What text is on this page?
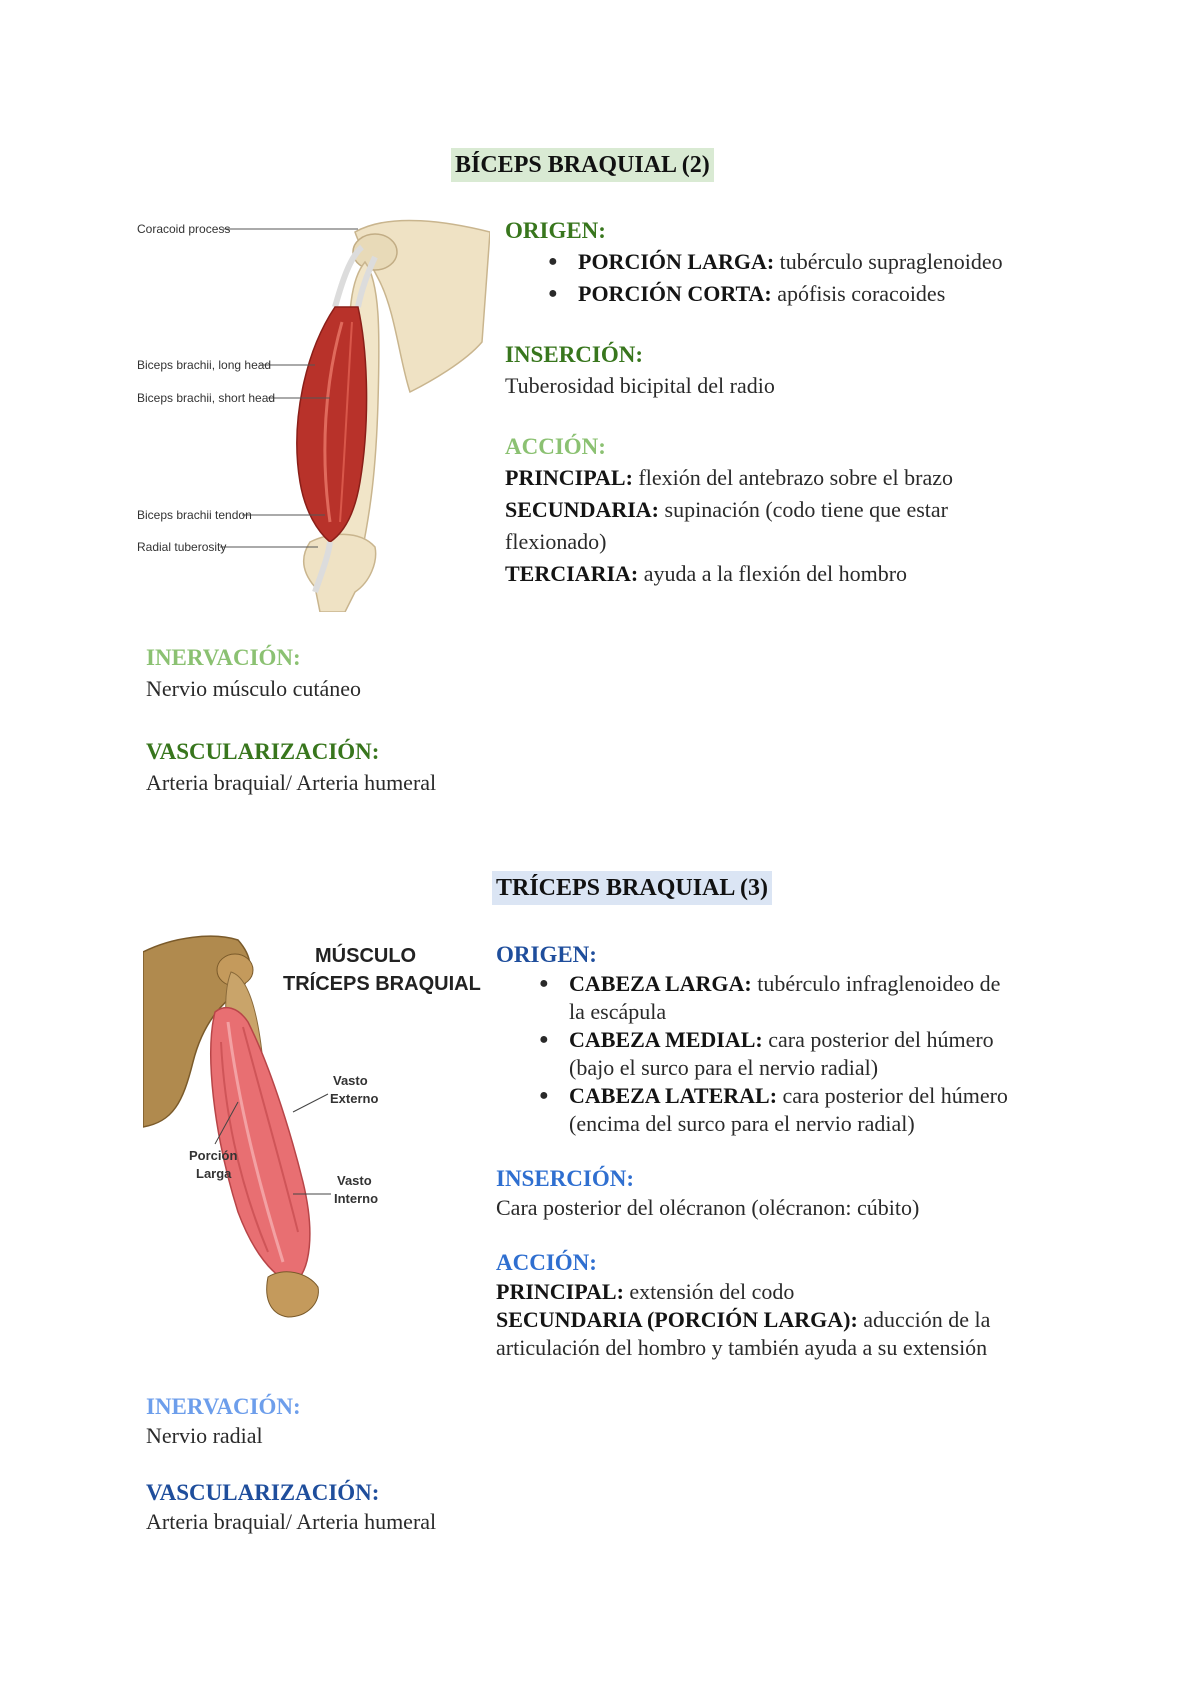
BÍCEPS BRAQUIAL (2)
Coracoid process
Biceps brachii, long head
Biceps brachii, short head
Biceps brachii tendon
Radial tuberosity
ORIGEN:
● PORCIÓN LARGA: tubérculo supraglenoideo
● PORCIÓN CORTA: apófisis coracoides
INSERCIÓN:

Tuberosidad bicipital del radio

ACCIÓN:

PRINCIPAL: flexión del antebrazo sobre el brazo

SECUNDARIA: supinación (codo tiene que estar
flexionado)

TERCIARIA: ayuda a la flexión del hombro

INERVACIÓN:

Nervio músculo cutáneo

VASCULARIZACIÓN:

Arteria braquial/ Arteria humeral

TRÍCEPS BRAQUIAL (3)
MÚSCULO
TRÍCEPS BRAQUIAL
Vasto
Externo
Porción
Larga	Vasto
Interno
ORIGEN:
● CABEZA LARGA: tubérculo infraglenoideo de
la escápula
● CABEZA MEDIAL: cara posterior del húmero
(bajo el surco para el nervio radial)
● CABEZA LATERAL: cara posterior del húmero
(encima del surco para el nervio radial)
INSERCIÓN:

Cara posterior del olécranon (olécranon: cúbito)

ACCIÓN:

PRINCIPAL: extensión del codo

SECUNDARIA (PORCIÓN LARGA): aducción de la
articulación del hombro y también ayuda a su extensión

INERVACIÓN:

Nervio radial

VASCULARIZACIÓN:

Arteria braquial/ Arteria humeral
